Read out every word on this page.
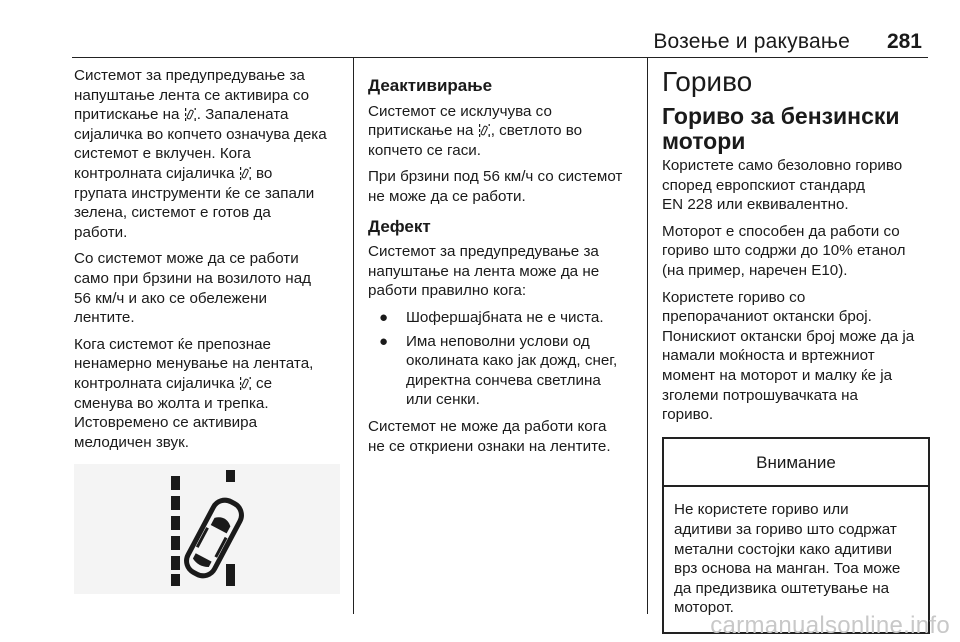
Возење и ракување 281

Системот за предупредување за
напуштање лента се активира со
притискање на . Запалената
сијаличка во копчето означува дека
системот е вклучен. Кога
контролната сијаличка  во
групата инструменти ќе се запали
зелена, системот е готов да
работи.

Со системот може да се работи
само при брзини на возилото над
56 км/ч и ако се обележени
лентите.

Кога системот ќе препознае
ненамерно менување на лентата,
контролната сијаличка  се
сменува во жолта и трепка.
Истовремено се активира
мелодичен звук.

Деактивирање

Системот се исклучува со
притискање на , светлото во
копчето се гаси.

При брзини под 56 км/ч со системот
не може да се работи.

Дефект

Системот за предупредување за
напуштање на лента може да не
работи правилно кога:

● Шофершајбната не е чиста.
● Има неповолни услови од
околината како јак дожд, снег,
директна сончева светлина
или сенки.

Системот не може да работи кога
не се откриени ознаки на лентите.

Гориво
Гориво за бензински
мотори

Користете само безоловно гориво
според европскиот стандард
EN 228 или еквивалентно.

Моторот е способен да работи со
гориво што содржи до 10% етанол
(на пример, наречен E10).

Користете гориво со
препорачаниот октански број.
Понискиот октански број може да ја
намали моќноста и вртежниот
момент на моторот и малку ќе ја
зголеми потрошувачката на
гориво.

Внимание
Не користете гориво или
адитиви за гориво што содржат
метални состојки како адитиви
врз основа на манган. Тоа може
да предизвика оштетување на
моторот.
carmanualsonline.info
